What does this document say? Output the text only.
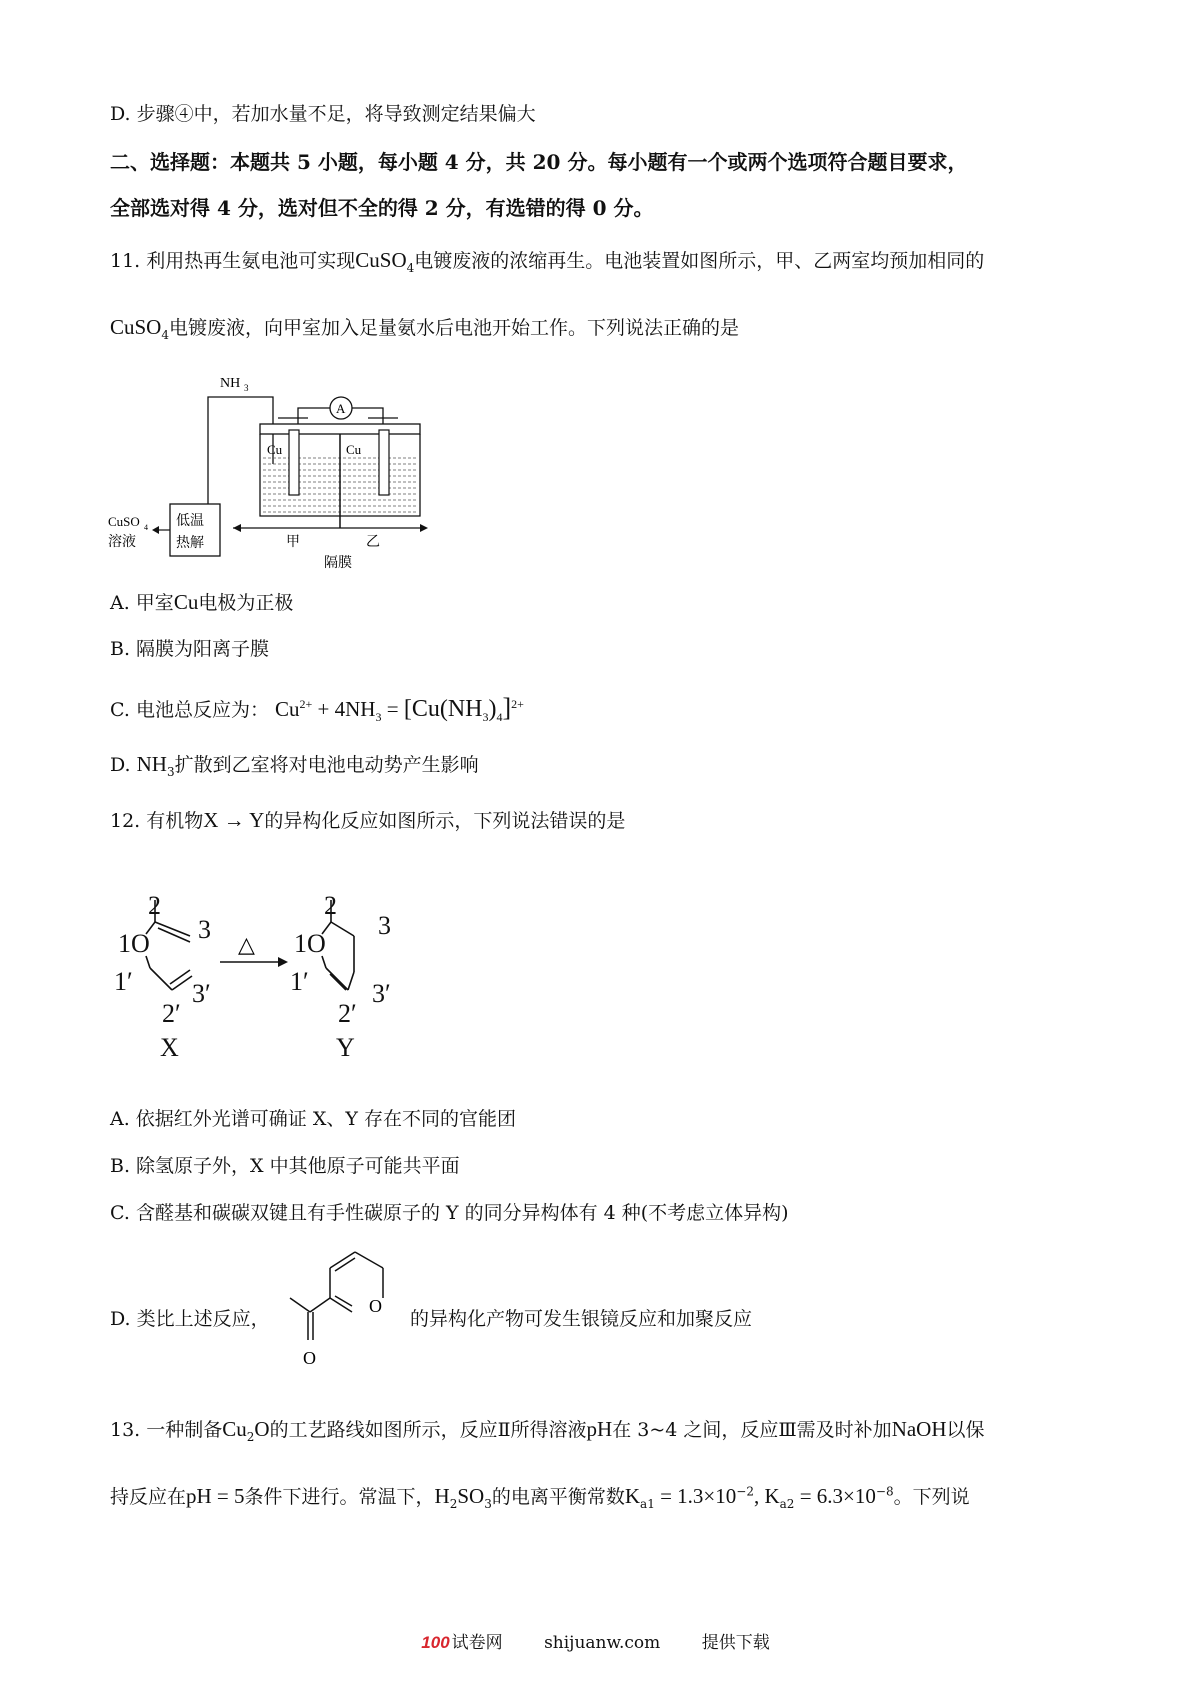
D. 步骤④中，若加水量不足，将导致测定结果偏大
二、选择题：本题共 5 小题，每小题 4 分，共 20 分。每小题有一个或两个选项符合题目要求，
全部选对得 4 分，选对但不全的得 2 分，有选错的得 0 分。
11. 利用热再生氨电池可实现CuSO$_4$电镀废液的浓缩再生。电池装置如图所示，甲、乙两室均预加相同的
CuSO$_4$电镀废液，向甲室加入足量氨水后电池开始工作。下列说法正确的是
NH 3
A
Cu	Cu
低温
热解
CuSO 4
溶液	甲	乙
隔膜
A. 甲室Cu电极为正极
B. 隔膜为阳离子膜
C. 电池总反应为： $Cu^{2+} + 4NH_3 = [Cu(NH_3)_4]^{2+}$
D. $NH_3$扩散到乙室将对电池电动势产生影响
12. 有机物X → Y的异构化反应如图所示，下列说法错误的是
2
3
1O
1′
2′
3′
X
2
3
1O
1′
2′
3′
Y
△
A. 依据红外光谱可确证 X、Y 存在不同的官能团
B. 除氢原子外，X 中其他原子可能共平面
C. 含醛基和碳碳双键且有手性碳原子的 Y 的同分异构体有 4 种(不考虑立体异构)
D. 类比上述反应，
O
O
的异构化产物可发生银镜反应和加聚反应
13. 一种制备$Cu_2O$的工艺路线如图所示，反应Ⅱ所得溶液pH在 3~4 之间，反应Ⅲ需及时补加NaOH以保
持反应在pH = 5条件下进行。常温下，$H_2SO_3$的电离平衡常数$K_{a1} = 1.3\times 10^{-2}$, $K_{a2} = 6.3\times 10^{-8}$。下列说
100 试卷网 shijuanw.com 提供下载
